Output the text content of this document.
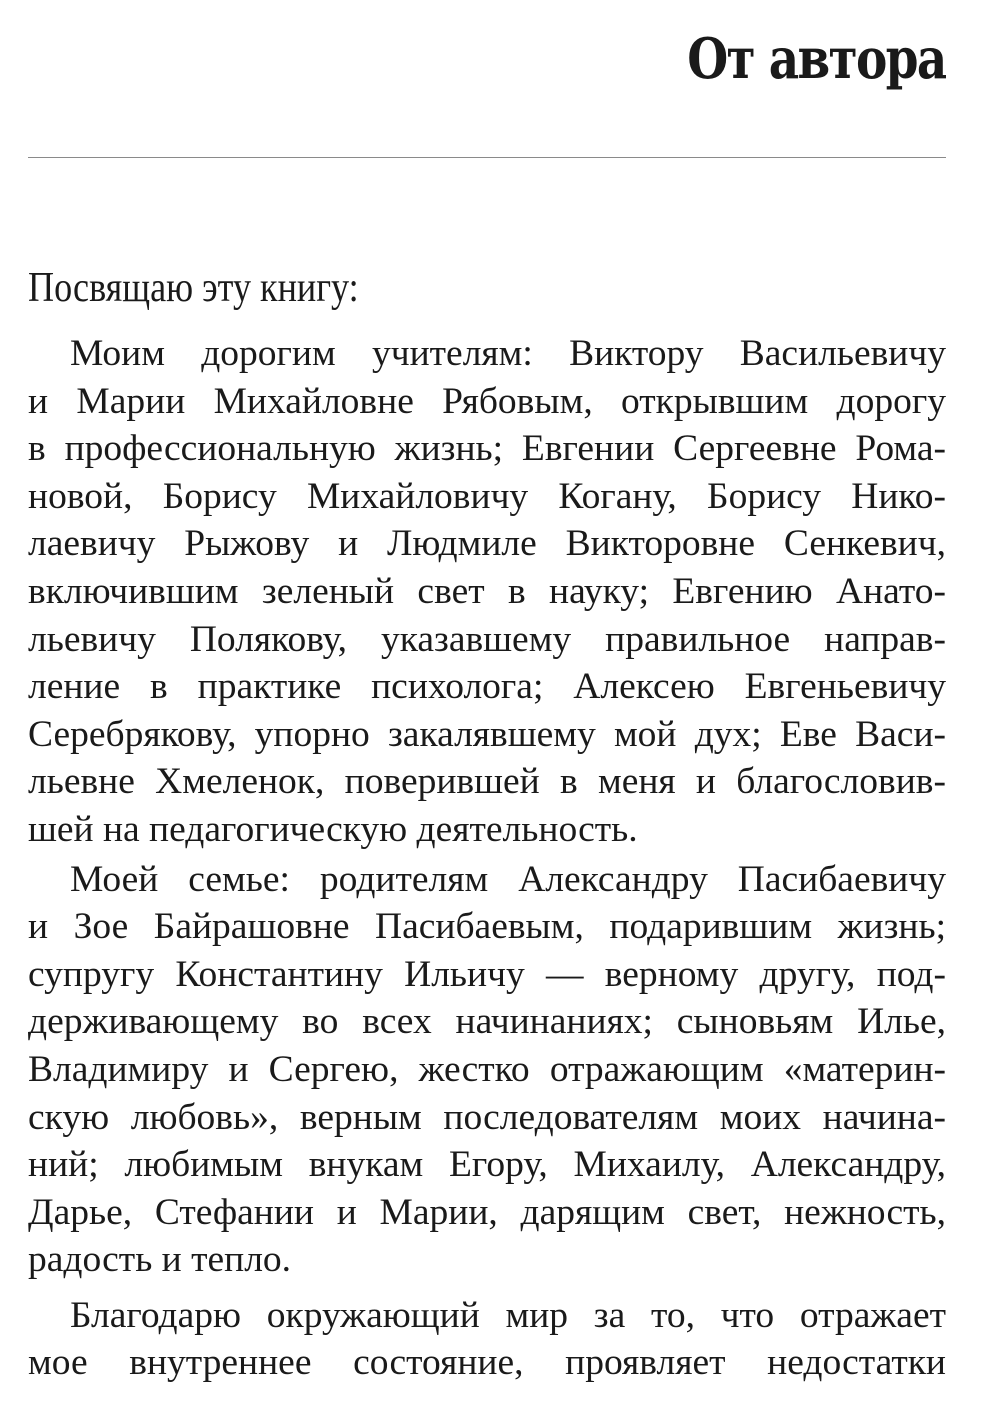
От автора
Посвящаю эту книгу:

Моим дорогим учителям: Виктору Васильевичу
и Марии Михайловне Рябовым, открывшим дорогу
в профессиональную жизнь; Евгении Сергеевне Рома-
новой, Борису Михайловичу Когану, Борису Нико-
лаевичу Рыжову и Людмиле Викторовне Сенкевич,
включившим зеленый свет в науку; Евгению Анато-
льевичу Полякову, указавшему правильное направ-
ление в практике психолога; Алексею Евгеньевичу
Серебрякову, упорно закалявшему мой дух; Еве Васи-
льевне Хмеленок, поверившей в меня и благословив-
шей на педагогическую деятельность.

Моей семье: родителям Александру Пасибаевичу
и Зое Байрашовне Пасибаевым, подарившим жизнь;
супругу Константину Ильичу — верному другу, под-
держивающему во всех начинаниях; сыновьям Илье,
Владимиру и Сергею, жестко отражающим «материн-
скую любовь», верным последователям моих начина-
ний; любимым внукам Егору, Михаилу, Александру,
Дарье, Стефании и Марии, дарящим свет, нежность,
радость и тепло.

Благодарю окружающий мир за то, что отражает
мое внутреннее состояние, проявляет недостатки
